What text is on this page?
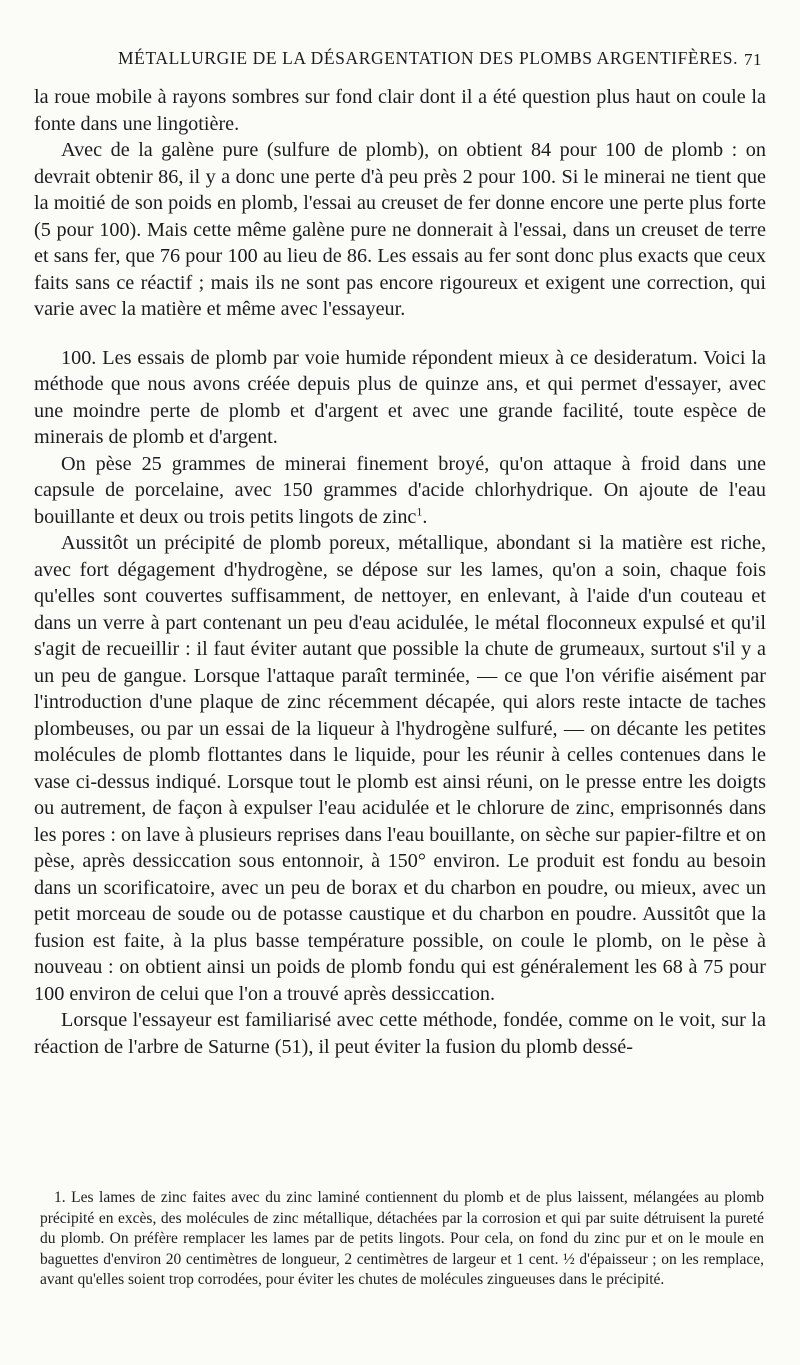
MÉTALLURGIE DE LA DÉSARGENTATION DES PLOMBS ARGENTIFÈRES. 71

la roue mobile à rayons sombres sur fond clair dont il a été question plus haut on coule la fonte dans une lingotière.

Avec de la galène pure (sulfure de plomb), on obtient 84 pour 100 de plomb : on devrait obtenir 86, il y a donc une perte d'à peu près 2 pour 100. Si le minerai ne tient que la moitié de son poids en plomb, l'essai au creuset de fer donne encore une perte plus forte (5 pour 100). Mais cette même galène pure ne donnerait à l'essai, dans un creuset de terre et sans fer, que 76 pour 100 au lieu de 86. Les essais au fer sont donc plus exacts que ceux faits sans ce réactif ; mais ils ne sont pas encore rigoureux et exigent une correction, qui varie avec la matière et même avec l'essayeur.

100. Les essais de plomb par voie humide répondent mieux à ce desideratum. Voici la méthode que nous avons créée depuis plus de quinze ans, et qui permet d'essayer, avec une moindre perte de plomb et d'argent et avec une grande facilité, toute espèce de minerais de plomb et d'argent.

On pèse 25 grammes de minerai finement broyé, qu'on attaque à froid dans une capsule de porcelaine, avec 150 grammes d'acide chlorhydrique. On ajoute de l'eau bouillante et deux ou trois petits lingots de zinc$^1$.

Aussitôt un précipité de plomb poreux, métallique, abondant si la matière est riche, avec fort dégagement d'hydrogène, se dépose sur les lames, qu'on a soin, chaque fois qu'elles sont couvertes suffisamment, de nettoyer, en enlevant, à l'aide d'un couteau et dans un verre à part contenant un peu d'eau acidulée, le métal floconneux expulsé et qu'il s'agit de recueillir : il faut éviter autant que possible la chute de grumeaux, surtout s'il y a un peu de gangue. Lorsque l'attaque paraît terminée, — ce que l'on vérifie aisément par l'introduction d'une plaque de zinc récemment décapée, qui alors reste intacte de taches plombeuses, ou par un essai de la liqueur à l'hydrogène sulfuré, — on décante les petites molécules de plomb flottantes dans le liquide, pour les réunir à celles contenues dans le vase ci-dessus indiqué. Lorsque tout le plomb est ainsi réuni, on le presse entre les doigts ou autrement, de façon à expulser l'eau acidulée et le chlorure de zinc, emprisonnés dans les pores : on lave à plusieurs reprises dans l'eau bouillante, on sèche sur papier-filtre et on pèse, après dessiccation sous entonnoir, à 150° environ. Le produit est fondu au besoin dans un scorificatoire, avec un peu de borax et du charbon en poudre, ou mieux, avec un petit morceau de soude ou de potasse caustique et du charbon en poudre. Aussitôt que la fusion est faite, à la plus basse température possible, on coule le plomb, on le pèse à nouveau : on obtient ainsi un poids de plomb fondu qui est généralement les 68 à 75 pour 100 environ de celui que l'on a trouvé après dessiccation.

Lorsque l'essayeur est familiarisé avec cette méthode, fondée, comme on le voit, sur la réaction de l'arbre de Saturne (51), il peut éviter la fusion du plomb dessé-

1. Les lames de zinc faites avec du zinc laminé contiennent du plomb et de plus laissent, mélangées au plomb précipité en excès, des molécules de zinc métallique, détachées par la corrosion et qui par suite détruisent la pureté du plomb. On préfère remplacer les lames par de petits lingots. Pour cela, on fond du zinc pur et on le moule en baguettes d'environ 20 centimètres de longueur, 2 centimètres de largeur et 1 cent. ½ d'épaisseur ; on les remplace, avant qu'elles soient trop corrodées, pour éviter les chutes de molécules zingueuses dans le précipité.
